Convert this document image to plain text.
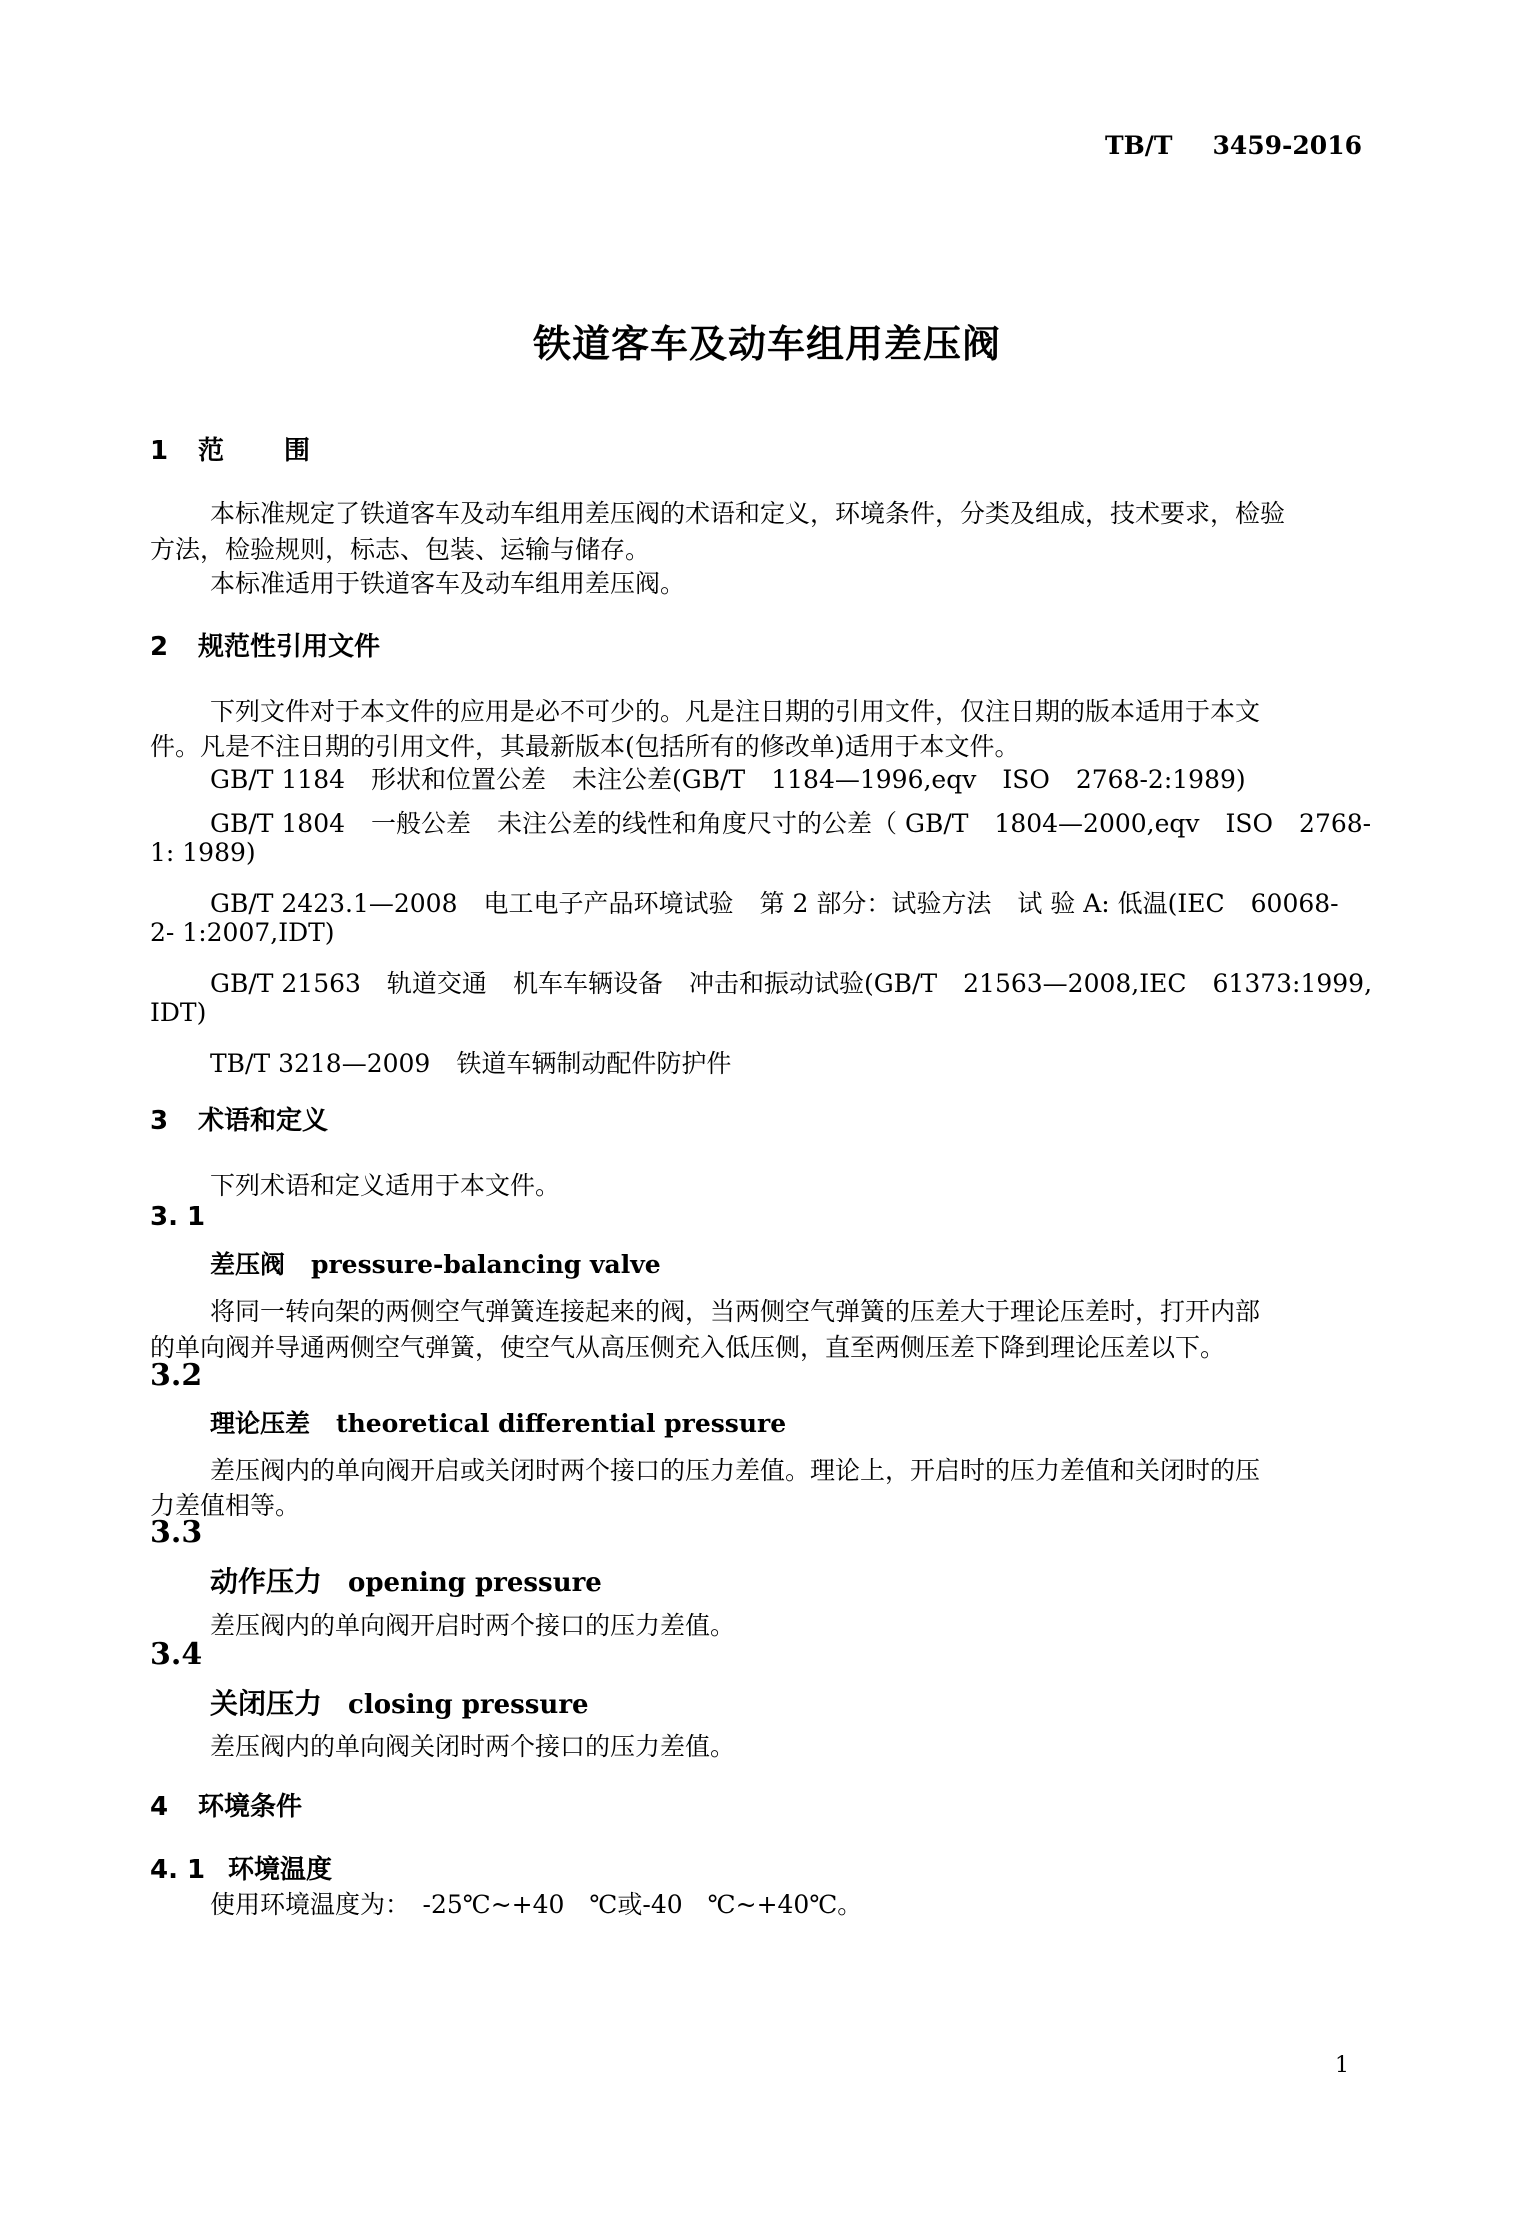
TB/T 3459-2016
铁道客车及动车组用差压阀
1 范围
本标准规定了铁道客车及动车组用差压阀的术语和定义，环境条件，分类及组成，技术要求，检验
方法，检验规则，标志、包装、运输与储存。
本标准适用于铁道客车及动车组用差压阀。
2 规范性引用文件
下列文件对于本文件的应用是必不可少的。凡是注日期的引用文件，仅注日期的版本适用于本文
件。凡是不注日期的引用文件，其最新版本(包括所有的修改单)适用于本文件。
GB/T 1184 形状和位置公差 未注公差(GB/T 1184—1996,eqv ISO 2768-2:1989)
GB/T 1804 一般公差 未注公差的线性和角度尺寸的公差（ GB/T 1804—2000,eqv ISO 2768-
1: 1989)
GB/T 2423.1—2008 电工电子产品环境试验 第 2 部分：试验方法 试 验 A: 低温(IEC 60068-
2- 1:2007,IDT)
GB/T 21563 轨道交通 机车车辆设备 冲击和振动试验(GB/T 21563—2008,IEC 61373:1999,
IDT)
TB/T 3218—2009 铁道车辆制动配件防护件
3 术语和定义
下列术语和定义适用于本文件。
3. 1
差压阀 pressure-balancing valve
将同一转向架的两侧空气弹簧连接起来的阀，当两侧空气弹簧的压差大于理论压差时，打开内部
的单向阀并导通两侧空气弹簧，使空气从高压侧充入低压侧，直至两侧压差下降到理论压差以下。
3.2
理论压差 theoretical differential pressure
差压阀内的单向阀开启或关闭时两个接口的压力差值。理论上，开启时的压力差值和关闭时的压
力差值相等。
3.3
动作压力 opening pressure
差压阀内的单向阀开启时两个接口的压力差值。
3.4
关闭压力 closing pressure
差压阀内的单向阀关闭时两个接口的压力差值。
4 环境条件
4. 1 环境温度
使用环境温度为：　-25℃~+40　℃或-40　℃~+40℃。
1
